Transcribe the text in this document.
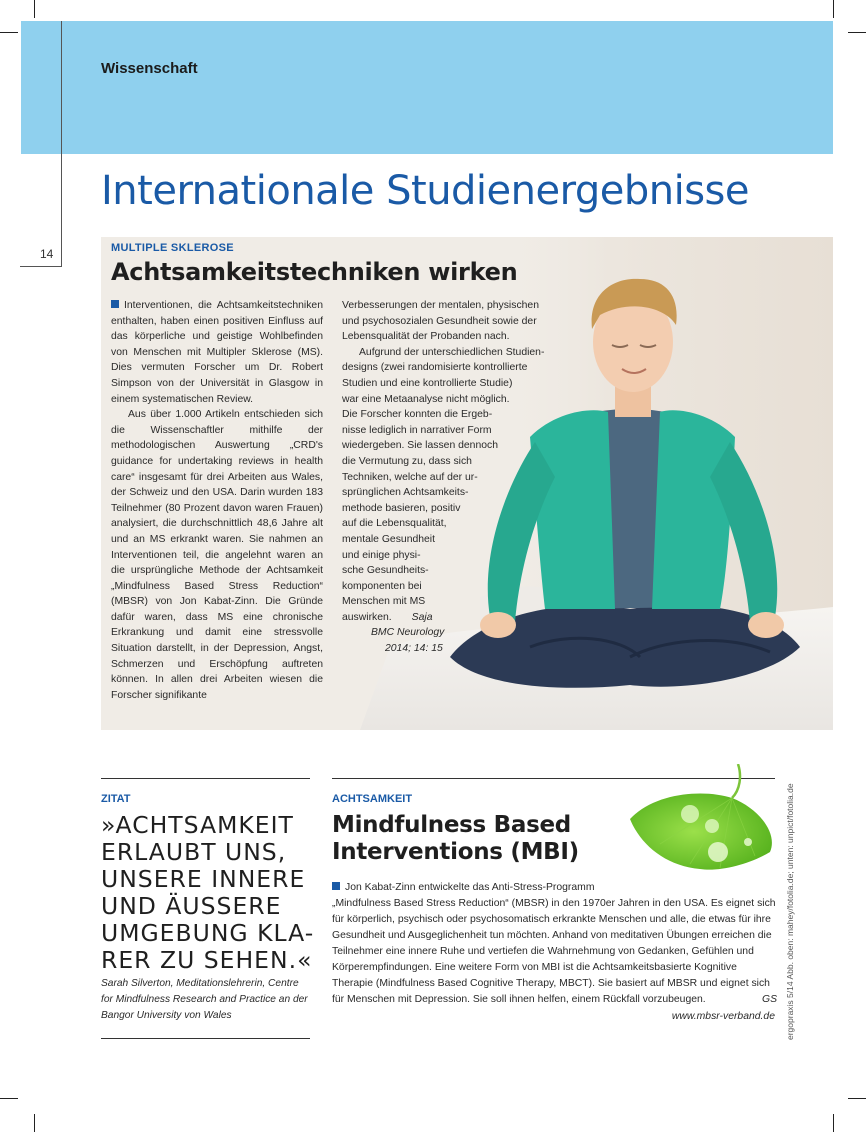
14
Wissenschaft
Internationale Studienergebnisse
MULTIPLE SKLEROSE
Achtsamkeitstechniken wirken
Interventionen, die Achtsamkeitstechniken enthalten, haben einen positiven Einfluss auf das körperliche und geistige Wohlbefinden von Menschen mit Multipler Sklerose (MS). Dies vermuten Forscher um Dr. Robert Simpson von der Universität in Glasgow in einem systematischen Review.
Aus über 1.000 Artikeln entschieden sich die Wissenschaftler mithilfe der methodologischen Auswertung „CRD's guidance for undertaking reviews in health care“ insgesamt für drei Arbeiten aus Wales, der Schweiz und den USA. Darin wurden 183 Teilnehmer (80 Prozent davon waren Frauen) analysiert, die durchschnittlich 48,6 Jahre alt und an MS erkrankt waren. Sie nahmen an Interventionen teil, die angelehnt waren an die ursprüngliche Methode der Achtsamkeit „Mindfulness Based Stress Reduction“ (MBSR) von Jon Kabat-Zinn. Die Gründe dafür waren, dass MS eine chronische Erkrankung und damit eine stressvolle Situation darstellt, in der Depression, Angst, Schmerzen und Erschöpfung auftreten können. In allen drei Arbeiten wiesen die Forscher signifikante
Verbesserungen der mentalen, physischen
und psychosozialen Gesundheit sowie der
Lebensqualität der Probanden nach.
Aufgrund der unterschiedlichen Studien-
designs (zwei randomisierte kontrollierte
Studien und eine kontrollierte Studie)
war eine Metaanalyse nicht möglich.
Die Forscher konnten die Ergeb-
nisse lediglich in narrativer Form
wiedergeben. Sie lassen dennoch
die Vermutung zu, dass sich
Techniken, welche auf der ur-
sprünglichen Achtsamkeits-
methode basieren, positiv
auf die Lebensqualität,
mentale Gesundheit
und einige physi-
sche Gesundheits-
komponenten bei
Menschen mit MS
auswirken. Saja
BMC Neurology
2014; 14: 15
ZITAT
»ACHTSAMKEIT ERLAUBT UNS, UNSERE INNERE UND ÄUSSERE UMGEBUNG KLA-RER ZU SEHEN.«
Sarah Silverton, Meditationslehrerin, Centre for Mindfulness Research and Practice an der Bangor University von Wales
ACHTSAMKEIT
Mindfulness Based
Interventions (MBI)
Jon Kabat-Zinn entwickelte das Anti-Stress-Programm
„Mindfulness Based Stress Reduction“ (MBSR) in den 1970er Jahren in den USA. Es eignet sich für körperlich, psychisch oder psychosomatisch erkrankte Menschen und alle, die etwas für ihre Gesundheit und Ausgeglichenheit tun möchten. Anhand von meditativen Übungen erreichen die Teilnehmer eine innere Ruhe und vertiefen die Wahrnehmung von Gedanken, Gefühlen und Körperempfindungen. Eine weitere Form von MBI ist die Achtsamkeitsbasierte Kognitive Therapie (Mindfulness Based Cognitive Therapy, MBCT). Sie basiert auf MBSR und eignet sich für Menschen mit Depression. Sie soll ihnen helfen, einem Rückfall vorzubeugen.	GS
www.mbsr-verband.de ergopraxis 5/14 Abb. oben: mahey/fotolia.de; unten: unpict/fotolia.de
